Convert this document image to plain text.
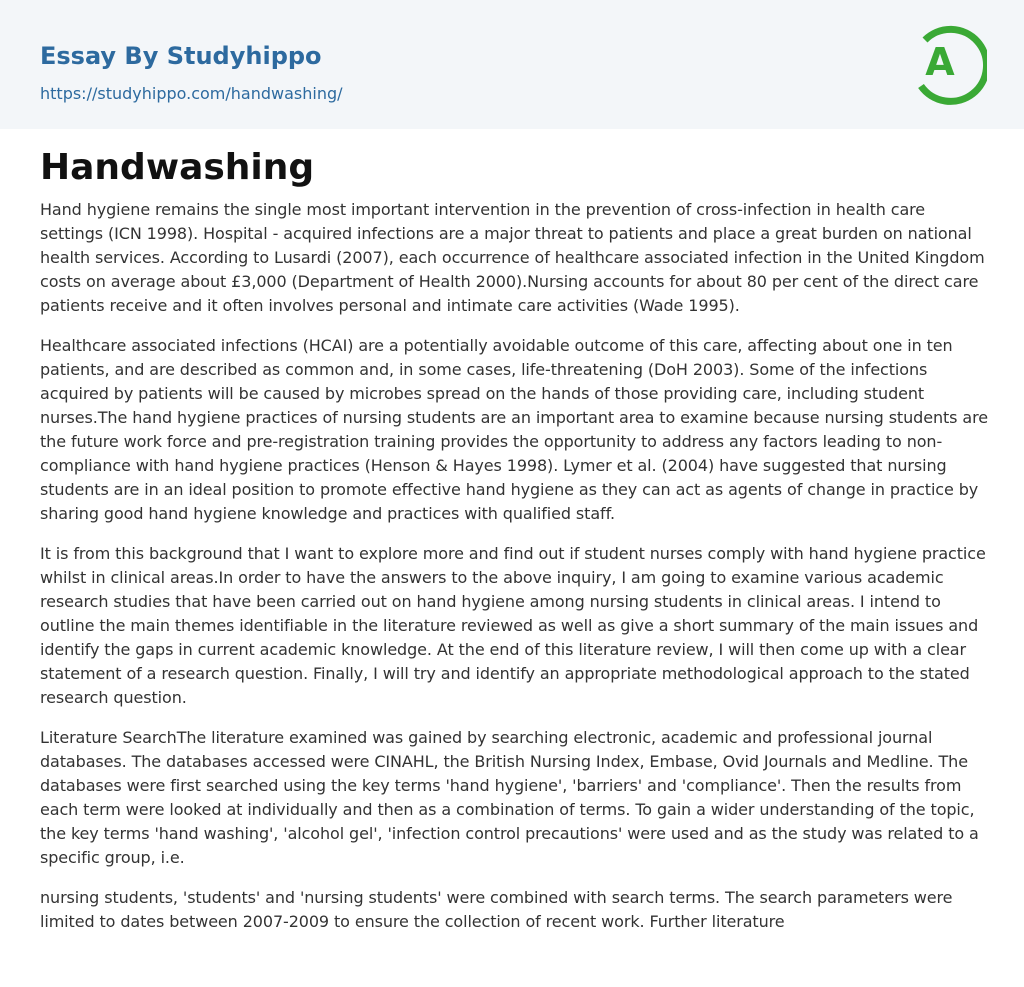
Essay By Studyhippo
https://studyhippo.com/handwashing/
A
Handwashing

Hand hygiene remains the single most important intervention in the prevention of cross-infection in health care settings (ICN 1998). Hospital - acquired infections are a major threat to patients and place a great burden on national health services. According to Lusardi (2007), each occurrence of healthcare associated infection in the United Kingdom costs on average about £3,000 (Department of Health 2000).Nursing accounts for about 80 per cent of the direct care patients receive and it often involves personal and intimate care activities (Wade 1995).

Healthcare associated infections (HCAI) are a potentially avoidable outcome of this care, affecting about one in ten patients, and are described as common and, in some cases, life-threatening (DoH 2003). Some of the infections acquired by patients will be caused by microbes spread on the hands of those providing care, including student nurses.The hand hygiene practices of nursing students are an important area to examine because nursing students are the future work force and pre-registration training provides the opportunity to address any factors leading to non-compliance with hand hygiene practices (Henson & Hayes 1998). Lymer et al. (2004) have suggested that nursing students are in an ideal position to promote effective hand hygiene as they can act as agents of change in practice by sharing good hand hygiene knowledge and practices with qualified staff.

It is from this background that I want to explore more and find out if student nurses comply with hand hygiene practice whilst in clinical areas.In order to have the answers to the above inquiry, I am going to examine various academic research studies that have been carried out on hand hygiene among nursing students in clinical areas. I intend to outline the main themes identifiable in the literature reviewed as well as give a short summary of the main issues and identify the gaps in current academic knowledge. At the end of this literature review, I will then come up with a clear statement of a research question. Finally, I will try and identify an appropriate methodological approach to the stated research question.

Literature SearchThe literature examined was gained by searching electronic, academic and professional journal databases. The databases accessed were CINAHL, the British Nursing Index, Embase, Ovid Journals and Medline. The databases were first searched using the key terms 'hand hygiene', 'barriers' and 'compliance'. Then the results from each term were looked at individually and then as a combination of terms. To gain a wider understanding of the topic, the key terms 'hand washing', 'alcohol gel', 'infection control precautions' were used and as the study was related to a specific group, i.e.

nursing students, 'students' and 'nursing students' were combined with search terms. The search parameters were limited to dates between 2007-2009 to ensure the collection of recent work. Further literature
